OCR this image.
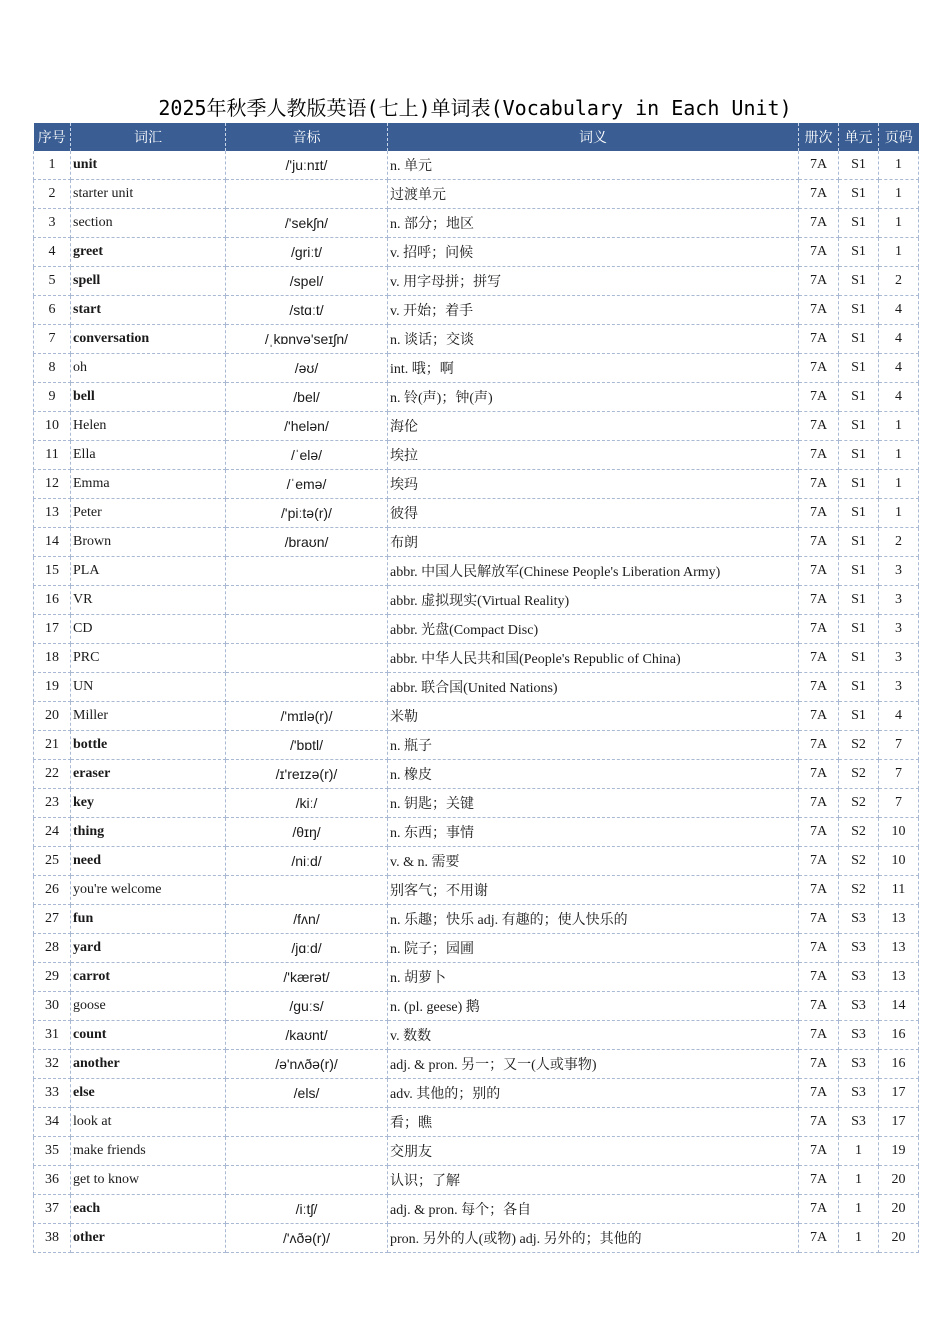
2025年秋季人教版英语(七上)单词表(Vocabulary in Each Unit)
序号	词汇	音标	词义	册次	单元	页码
1	unit	/'juːnɪt/	n. 单元	7A	S1	1
2	starter unit		过渡单元	7A	S1	1
3	section	/'sekʃn/	n. 部分；地区	7A	S1	1
4	greet	/griːt/	v. 招呼；问候	7A	S1	1
5	spell	/spel/	v. 用字母拼；拼写	7A	S1	2
6	start	/stɑːt/	v. 开始；着手	7A	S1	4
7	conversation	/ˌkɒnvə'seɪʃn/	n. 谈话；交谈	7A	S1	4
8	oh	/əʊ/	int. 哦；啊	7A	S1	4
9	bell	/bel/	n. 铃(声)；钟(声)	7A	S1	4
10	Helen	/'helən/	海伦	7A	S1	1
11	Ella	/ˈelə/	埃拉	7A	S1	1
12	Emma	/ˈemə/	埃玛	7A	S1	1
13	Peter	/'piːtə(r)/	彼得	7A	S1	1
14	Brown	/braʊn/	布朗	7A	S1	2
15	PLA		abbr. 中国人民解放军(Chinese People's Liberation Army)	7A	S1	3
16	VR		abbr. 虚拟现实(Virtual Reality)	7A	S1	3
17	CD		abbr. 光盘(Compact Disc)	7A	S1	3
18	PRC		abbr. 中华人民共和国(People's Republic of China)	7A	S1	3
19	UN		abbr. 联合国(United Nations)	7A	S1	3
20	Miller	/'mɪlə(r)/	米勒	7A	S1	4
21	bottle	/'bɒtl/	n. 瓶子	7A	S2	7
22	eraser	/ɪ'reɪzə(r)/	n. 橡皮	7A	S2	7
23	key	/kiː/	n. 钥匙；关键	7A	S2	7
24	thing	/θɪŋ/	n. 东西；事情	7A	S2	10
25	need	/niːd/	v. & n. 需要	7A	S2	10
26	you're welcome		别客气；不用谢	7A	S2	11
27	fun	/fʌn/	n. 乐趣；快乐 adj. 有趣的；使人快乐的	7A	S3	13
28	yard	/jɑːd/	n. 院子；园圃	7A	S3	13
29	carrot	/'kærət/	n. 胡萝卜	7A	S3	13
30	goose	/guːs/	n. (pl. geese) 鹅	7A	S3	14
31	count	/kaʊnt/	v. 数数	7A	S3	16
32	another	/ə'nʌðə(r)/	adj. & pron. 另一；又一(人或事物)	7A	S3	16
33	else	/els/	adv. 其他的；别的	7A	S3	17
34	look at		看；瞧	7A	S3	17
35	make friends		交朋友	7A	1	19
36	get to know		认识；了解	7A	1	20
37	each	/iːtʃ/	adj. & pron. 每个；各自	7A	1	20
38	other	/'ʌðə(r)/	pron. 另外的人(或物) adj. 另外的；其他的	7A	1	20
